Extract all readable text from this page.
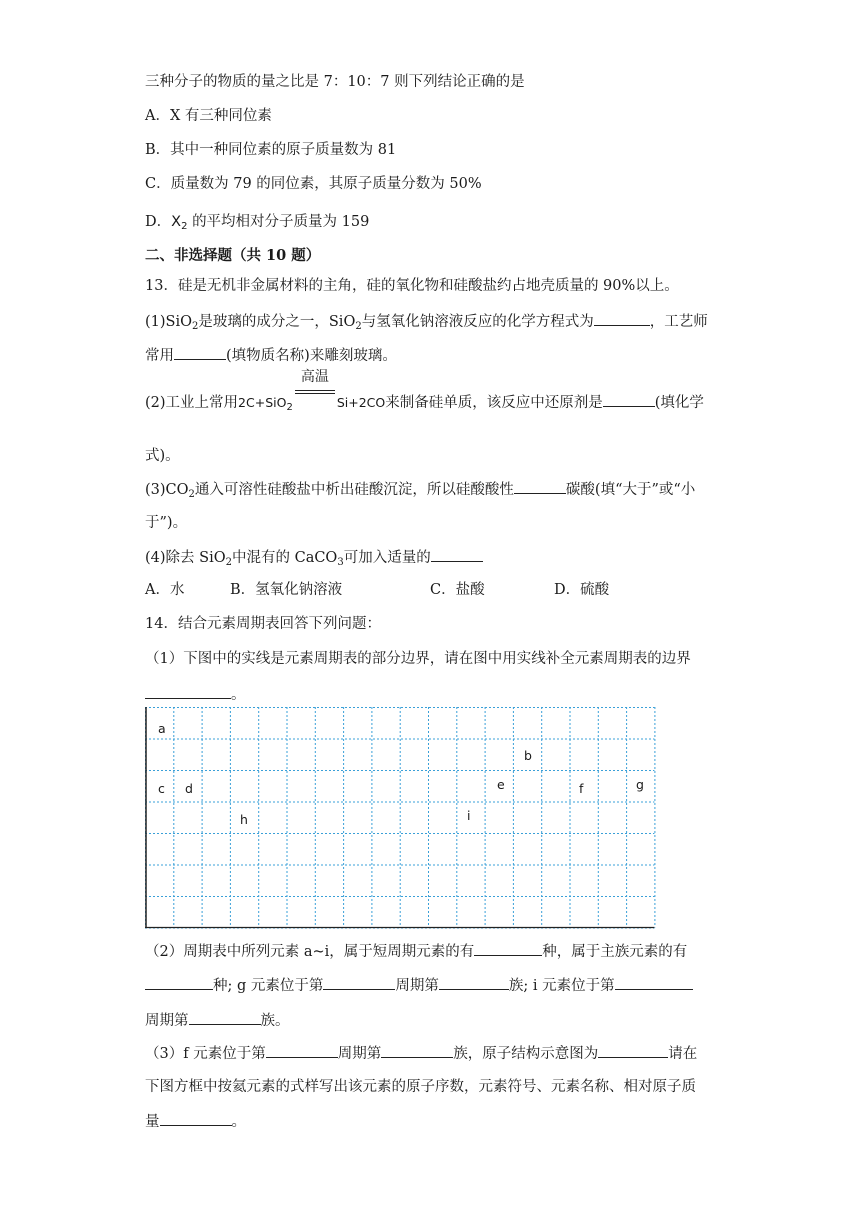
三种分子的物质的量之比是 7：10：7 则下列结论正确的是
A．X 有三种同位素
B．其中一种同位素的原子质量数为 81
C．质量数为 79 的同位素，其原子质量分数为 50%
D．$X_2$ 的平均相对分子质量为 159
二、非选择题（共 10 题）
13．硅是无机非金属材料的主角，硅的氧化物和硅酸盐约占地壳质量的 90%以上。
(1)SiO$_2$是玻璃的成分之一，SiO$_2$与氢氧化钠溶液反应的化学方程式为	，工艺师
常用	(填物质名称)来雕刻玻璃。
(2)工业上常用2C+SiO$_2$
高温
Si+2CO来制备硅单质，该反应中还原剂是	(填化学
式)。
$(3)CO_2$通入可溶性硅酸盐中析出硅酸沉淀，所以硅酸酸性	碳酸(填“大于”或“小
于”)。
(4)除去 SiO$_2$中混有的 CaCO$_3$可加入适量的
A．水	B．氢氧化钠溶液	C．盐酸	D．硫酸
14．结合元素周期表回答下列问题：
（1）下图中的实线是元素周期表的部分边界，请在图中用实线补全元素周期表的边界
。
a
b
c d	e	f	g
h	i
（2）周期表中所列元素 a~i，属于短周期元素的有	种，属于主族元素的有
种; g 元素位于第	周期第	族; i 元素位于第
周期第	族。
（3）f 元素位于第	周期第	族，原子结构示意图为	请在
下图方框中按氦元素的式样写出该元素的原子序数，元素符号、元素名称、相对原子质
量	。
